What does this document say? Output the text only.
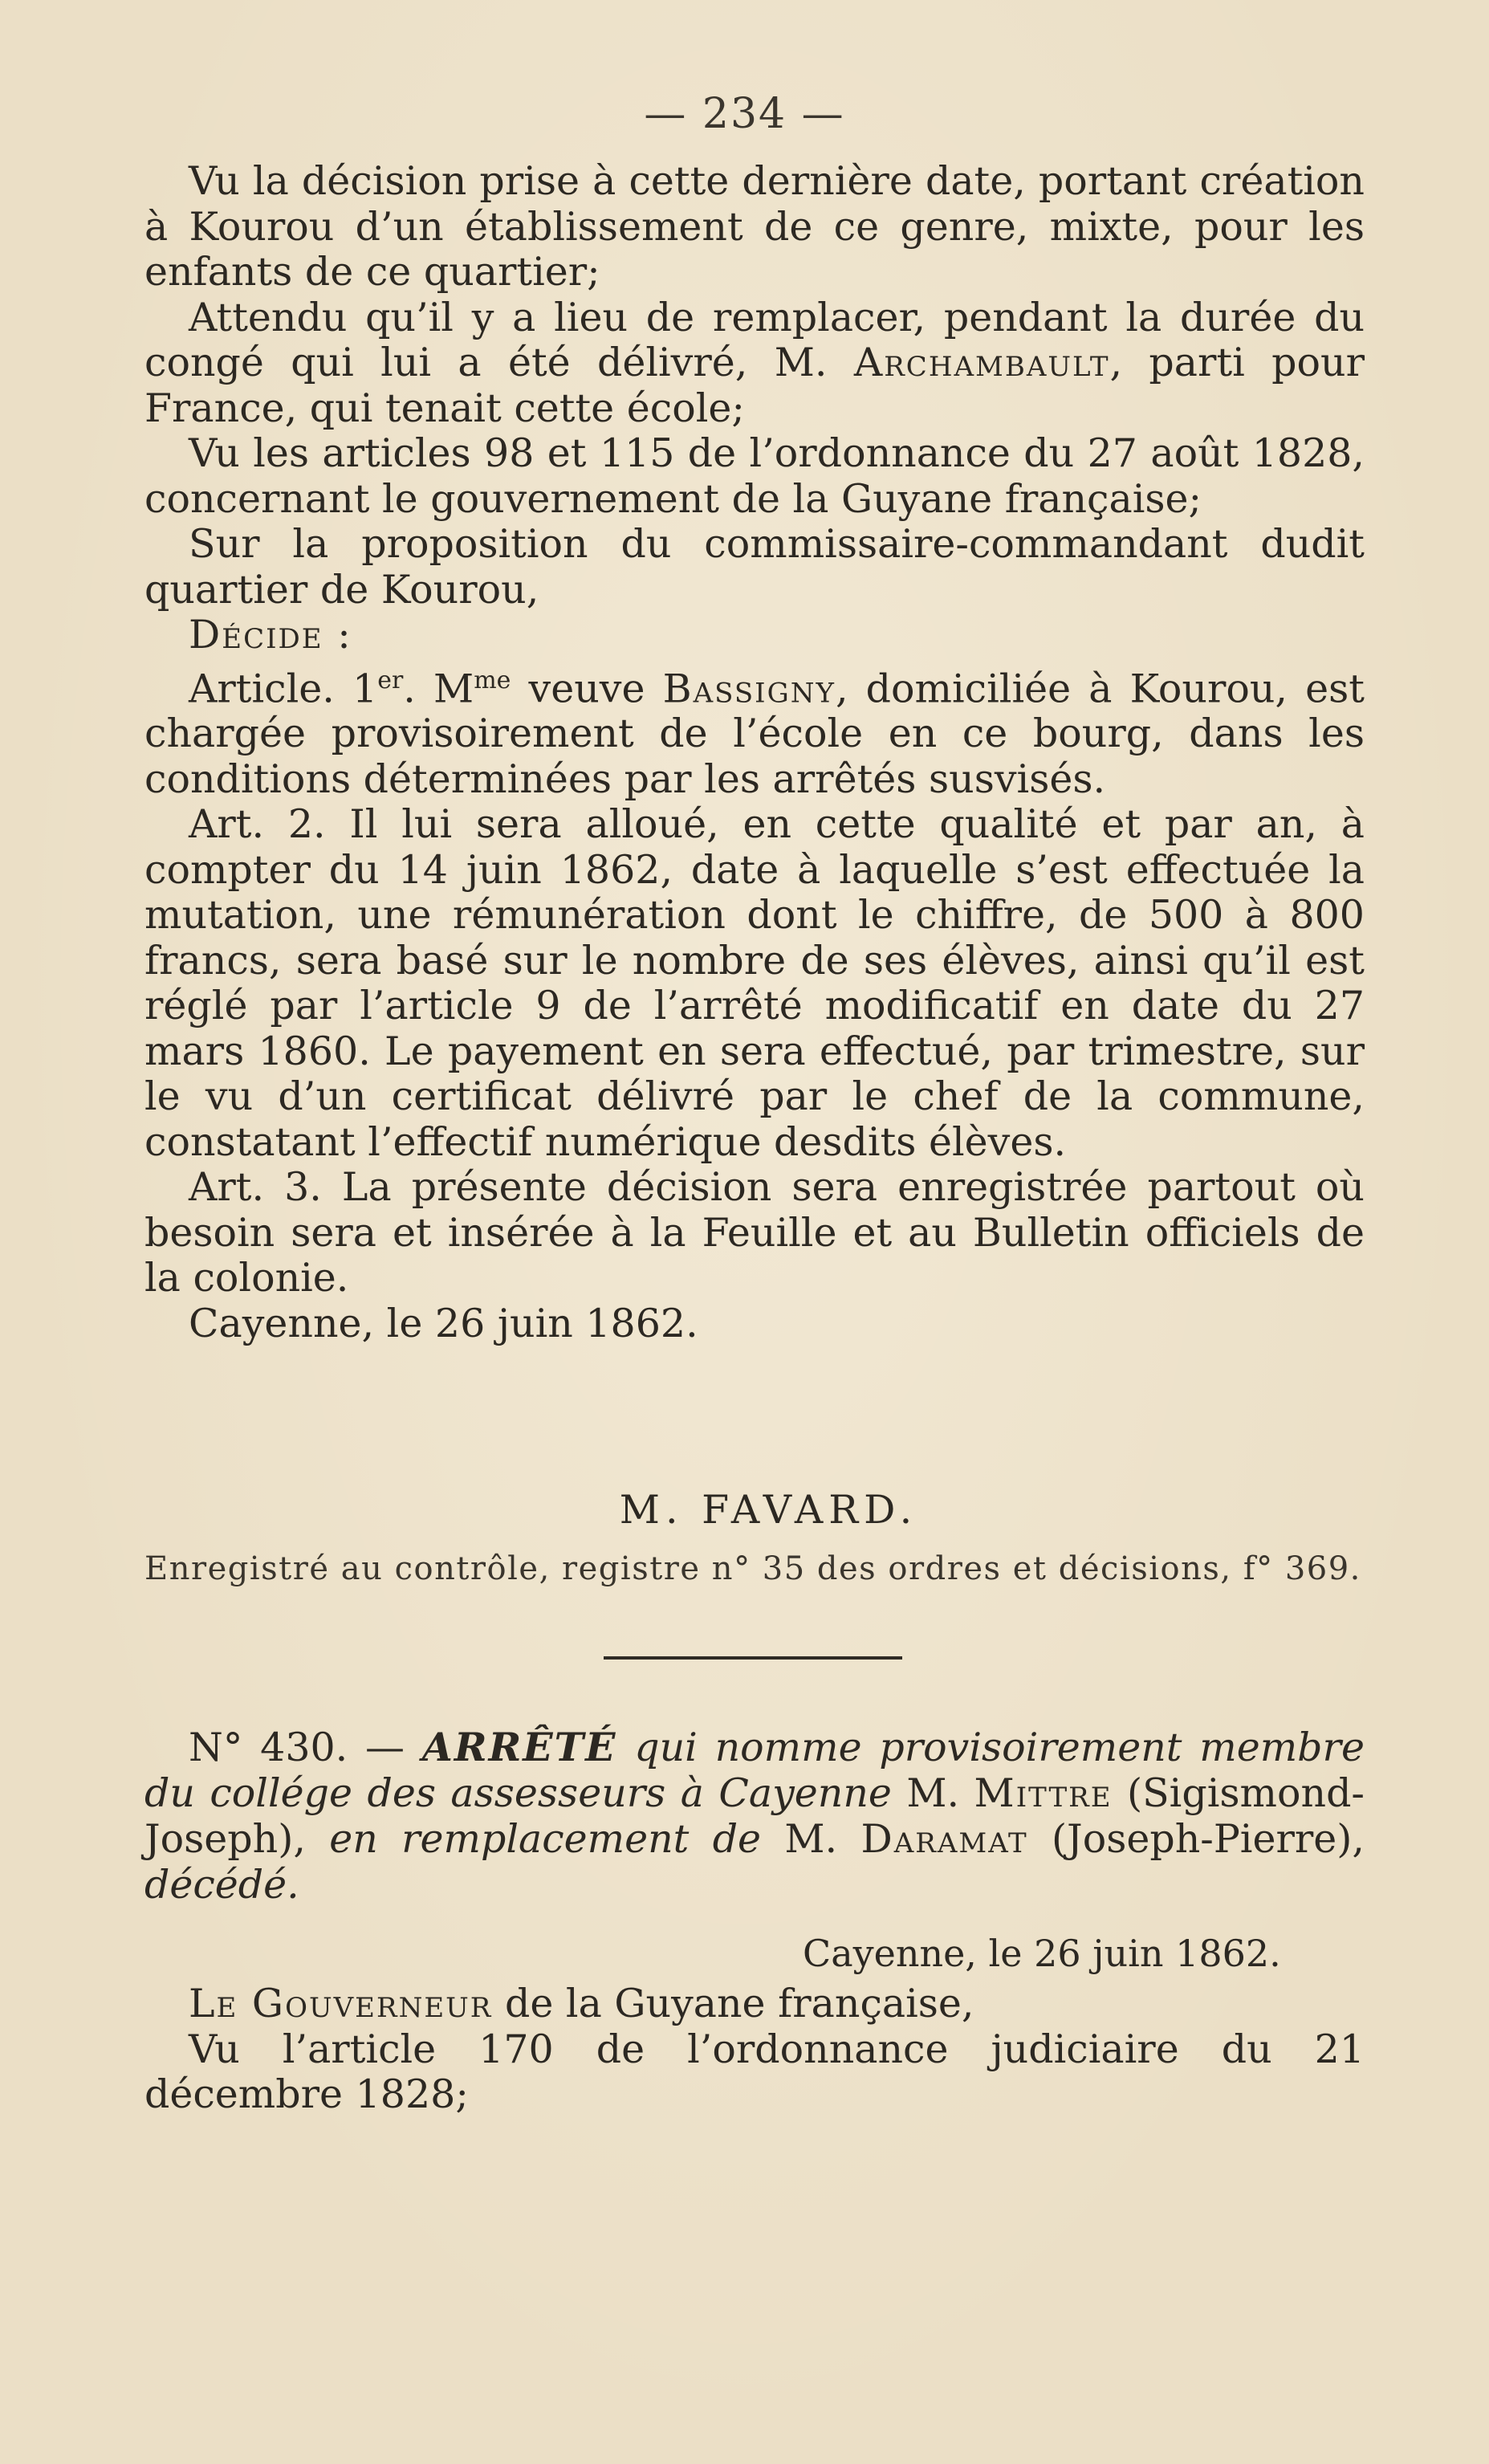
— 234 —

Vu la décision prise à cette dernière date, portant création à Kourou d’un établissement de ce genre, mixte, pour les enfants de ce quartier;

Attendu qu’il y a lieu de remplacer, pendant la durée du congé qui lui a été délivré, M. Archambault, parti pour France, qui tenait cette école;

Vu les articles 98 et 115 de l’ordonnance du 27 août 1828, concernant le gouvernement de la Guyane française;

Sur la proposition du commissaire-commandant dudit quartier de Kourou,

Décide :

Article. 1er. $M^{me}$ veuve Bassigny, domiciliée à Kourou, est chargée provisoirement de l’école en ce bourg, dans les conditions déterminées par les arrêtés susvisés.

Art. 2. Il lui sera alloué, en cette qualité et par an, à compter du 14 juin 1862, date à laquelle s’est effectuée la mutation, une rémunération dont le chiffre, de 500 à 800 francs, sera basé sur le nombre de ses élèves, ainsi qu’il est réglé par l’article 9 de l’arrêté modificatif en date du 27 mars 1860. Le payement en sera effectué, par trimestre, sur le vu d’un certificat délivré par le chef de la commune, constatant l’effectif numérique desdits élèves.

Art. 3. La présente décision sera enregistrée partout où besoin sera et insérée à la Feuille et au Bulletin officiels de la colonie.

Cayenne, le 26 juin 1862.

M. FAVARD.
Enregistré au contrôle, registre n° 35 des ordres et décisions, f° 369.
N° 430. — ARRÊTÉ qui nomme provisoirement membre du collége des assesseurs à Cayenne M. Mittre (Sigismond-Joseph), en remplacement de M. Daramat (Joseph-Pierre), décédé.
Cayenne, le 26 juin 1862.

Le Gouverneur de la Guyane française,

Vu l’article 170 de l’ordonnance judiciaire du 21 décembre 1828;
